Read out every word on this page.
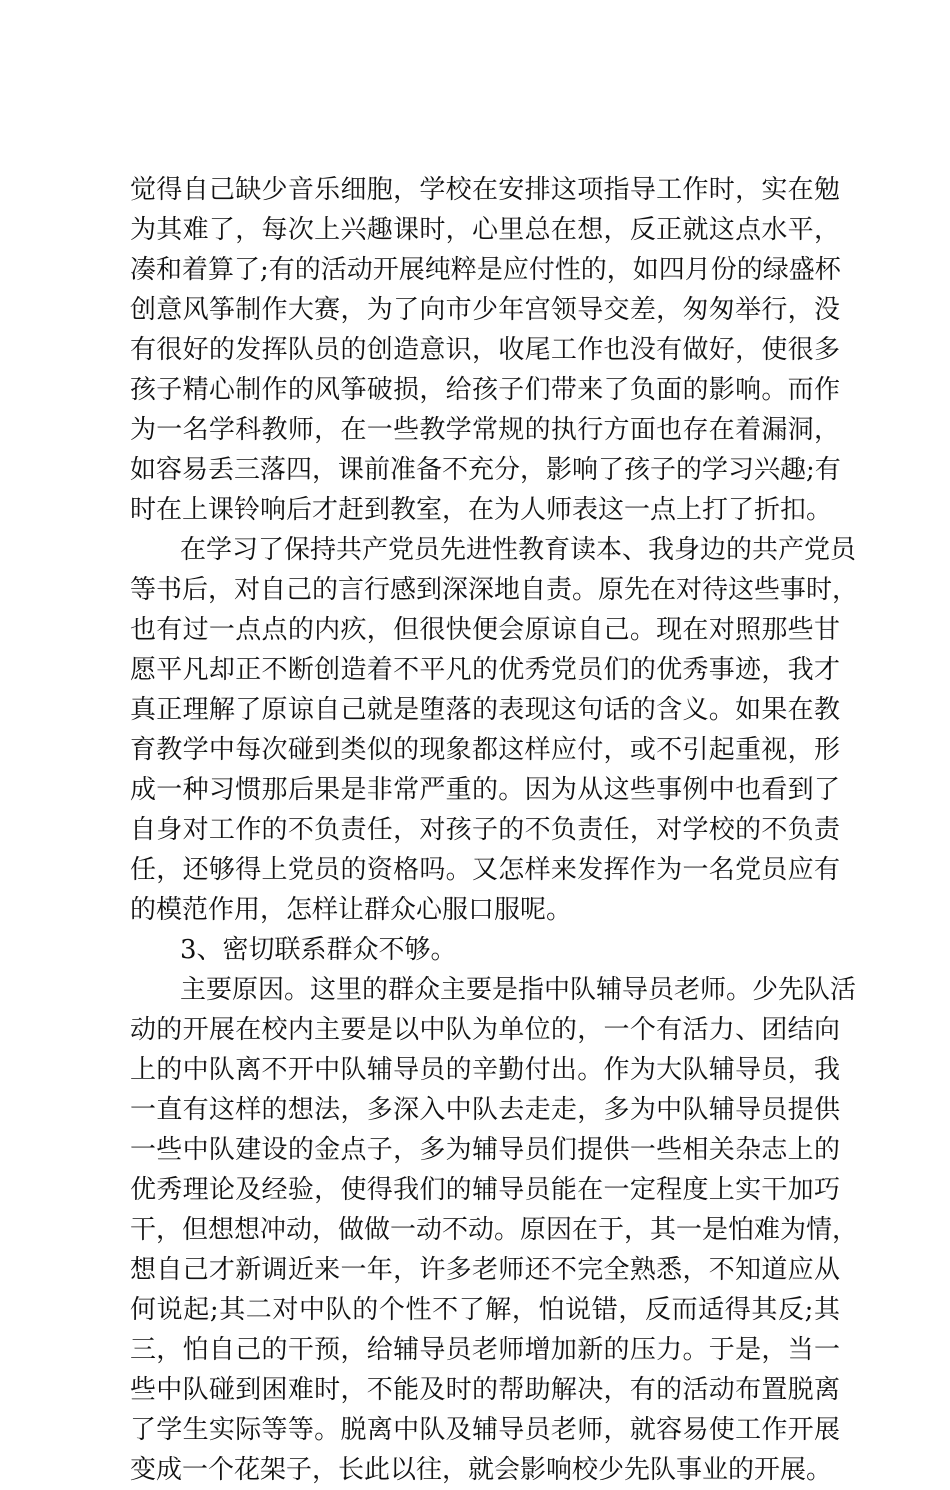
觉得自己缺少音乐细胞，学校在安排这项指导工作时，实在勉
为其难了，每次上兴趣课时，心里总在想，反正就这点水平，
凑和着算了;有的活动开展纯粹是应付性的，如四月份的绿盛杯
创意风筝制作大赛，为了向市少年宫领导交差，匆匆举行，没
有很好的发挥队员的创造意识，收尾工作也没有做好，使很多
孩子精心制作的风筝破损，给孩子们带来了负面的影响。而作
为一名学科教师，在一些教学常规的执行方面也存在着漏洞，
如容易丢三落四，课前准备不充分，影响了孩子的学习兴趣;有
时在上课铃响后才赶到教室，在为人师表这一点上打了折扣。
在学习了保持共产党员先进性教育读本、我身边的共产党员
等书后，对自己的言行感到深深地自责。原先在对待这些事时，
也有过一点点的内疚，但很快便会原谅自己。现在对照那些甘
愿平凡却正不断创造着不平凡的优秀党员们的优秀事迹，我才
真正理解了原谅自己就是堕落的表现这句话的含义。如果在教
育教学中每次碰到类似的现象都这样应付，或不引起重视，形
成一种习惯那后果是非常严重的。因为从这些事例中也看到了
自身对工作的不负责任，对孩子的不负责任，对学校的不负责
任，还够得上党员的资格吗。又怎样来发挥作为一名党员应有
的模范作用，怎样让群众心服口服呢。
3、密切联系群众不够。
主要原因。这里的群众主要是指中队辅导员老师。少先队活
动的开展在校内主要是以中队为单位的，一个有活力、团结向
上的中队离不开中队辅导员的辛勤付出。作为大队辅导员，我
一直有这样的想法，多深入中队去走走，多为中队辅导员提供
一些中队建设的金点子，多为辅导员们提供一些相关杂志上的
优秀理论及经验，使得我们的辅导员能在一定程度上实干加巧
干，但想想冲动，做做一动不动。原因在于，其一是怕难为情，
想自己才新调近来一年，许多老师还不完全熟悉，不知道应从
何说起;其二对中队的个性不了解，怕说错，反而适得其反;其
三，怕自己的干预，给辅导员老师增加新的压力。于是，当一
些中队碰到困难时，不能及时的帮助解决，有的活动布置脱离
了学生实际等等。脱离中队及辅导员老师，就容易使工作开展
变成一个花架子，长此以往，就会影响校少先队事业的开展。
